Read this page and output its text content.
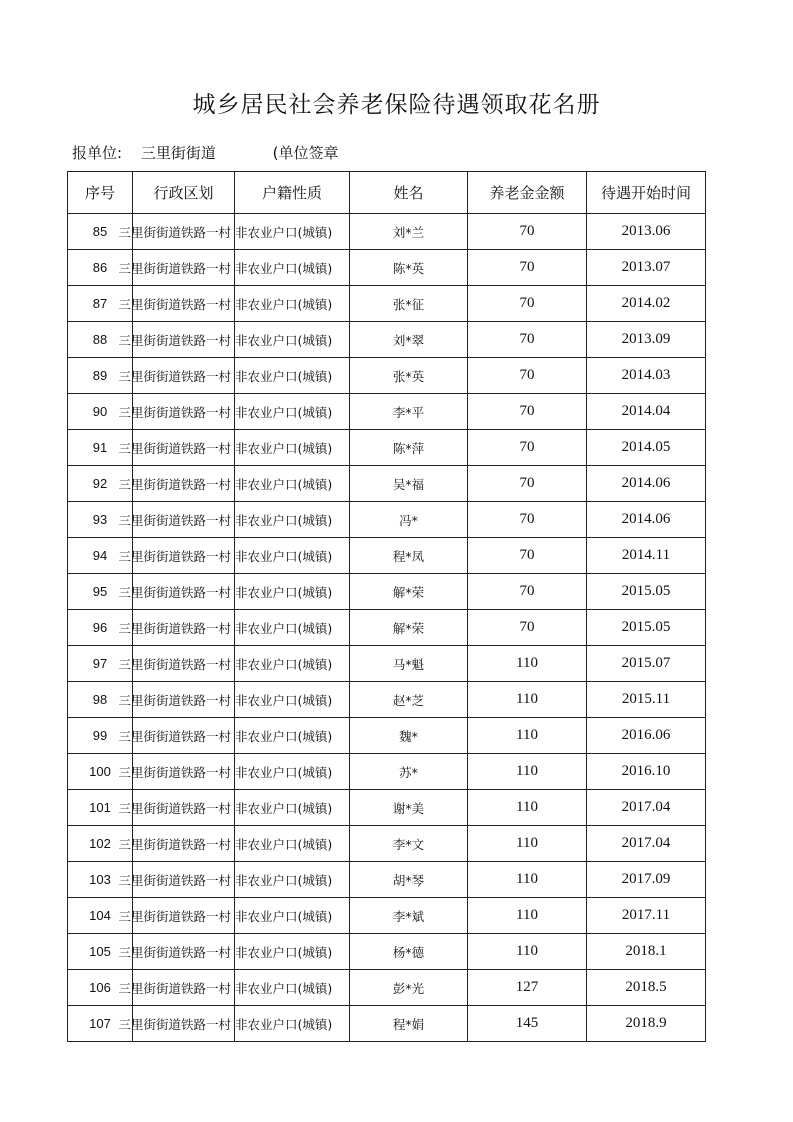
城乡居民社会养老保险待遇领取花名册
报单位: 三里街街道	(单位签章
序号	行政区划	户籍性质	姓名	养老金金额	待遇开始时间
85	三里街街道铁路一村	非农业户口(城镇)	刘*兰	70	2013.06
86	三里街街道铁路一村	非农业户口(城镇)	陈*英	70	2013.07
87	三里街街道铁路一村	非农业户口(城镇)	张*征	70	2014.02
88	三里街街道铁路一村	非农业户口(城镇)	刘*翠	70	2013.09
89	三里街街道铁路一村	非农业户口(城镇)	张*英	70	2014.03
90	三里街街道铁路一村	非农业户口(城镇)	李*平	70	2014.04
91	三里街街道铁路一村	非农业户口(城镇)	陈*萍	70	2014.05
92	三里街街道铁路一村	非农业户口(城镇)	吴*福	70	2014.06
93	三里街街道铁路一村	非农业户口(城镇)	冯*	70	2014.06
94	三里街街道铁路一村	非农业户口(城镇)	程*凤	70	2014.11
95	三里街街道铁路一村	非农业户口(城镇)	解*荣	70	2015.05
96	三里街街道铁路一村	非农业户口(城镇)	解*荣	70	2015.05
97	三里街街道铁路一村	非农业户口(城镇)	马*魁	110	2015.07
98	三里街街道铁路一村	非农业户口(城镇)	赵*芝	110	2015.11
99	三里街街道铁路一村	非农业户口(城镇)	魏*	110	2016.06
100	三里街街道铁路一村	非农业户口(城镇)	苏*	110	2016.10
101	三里街街道铁路一村	非农业户口(城镇)	谢*美	110	2017.04
102	三里街街道铁路一村	非农业户口(城镇)	李*文	110	2017.04
103	三里街街道铁路一村	非农业户口(城镇)	胡*琴	110	2017.09
104	三里街街道铁路一村	非农业户口(城镇)	李*斌	110	2017.11
105	三里街街道铁路一村	非农业户口(城镇)	杨*德	110	2018.1
106	三里街街道铁路一村	非农业户口(城镇)	彭*光	127	2018.5
107	三里街街道铁路一村	非农业户口(城镇)	程*娟	145	2018.9
